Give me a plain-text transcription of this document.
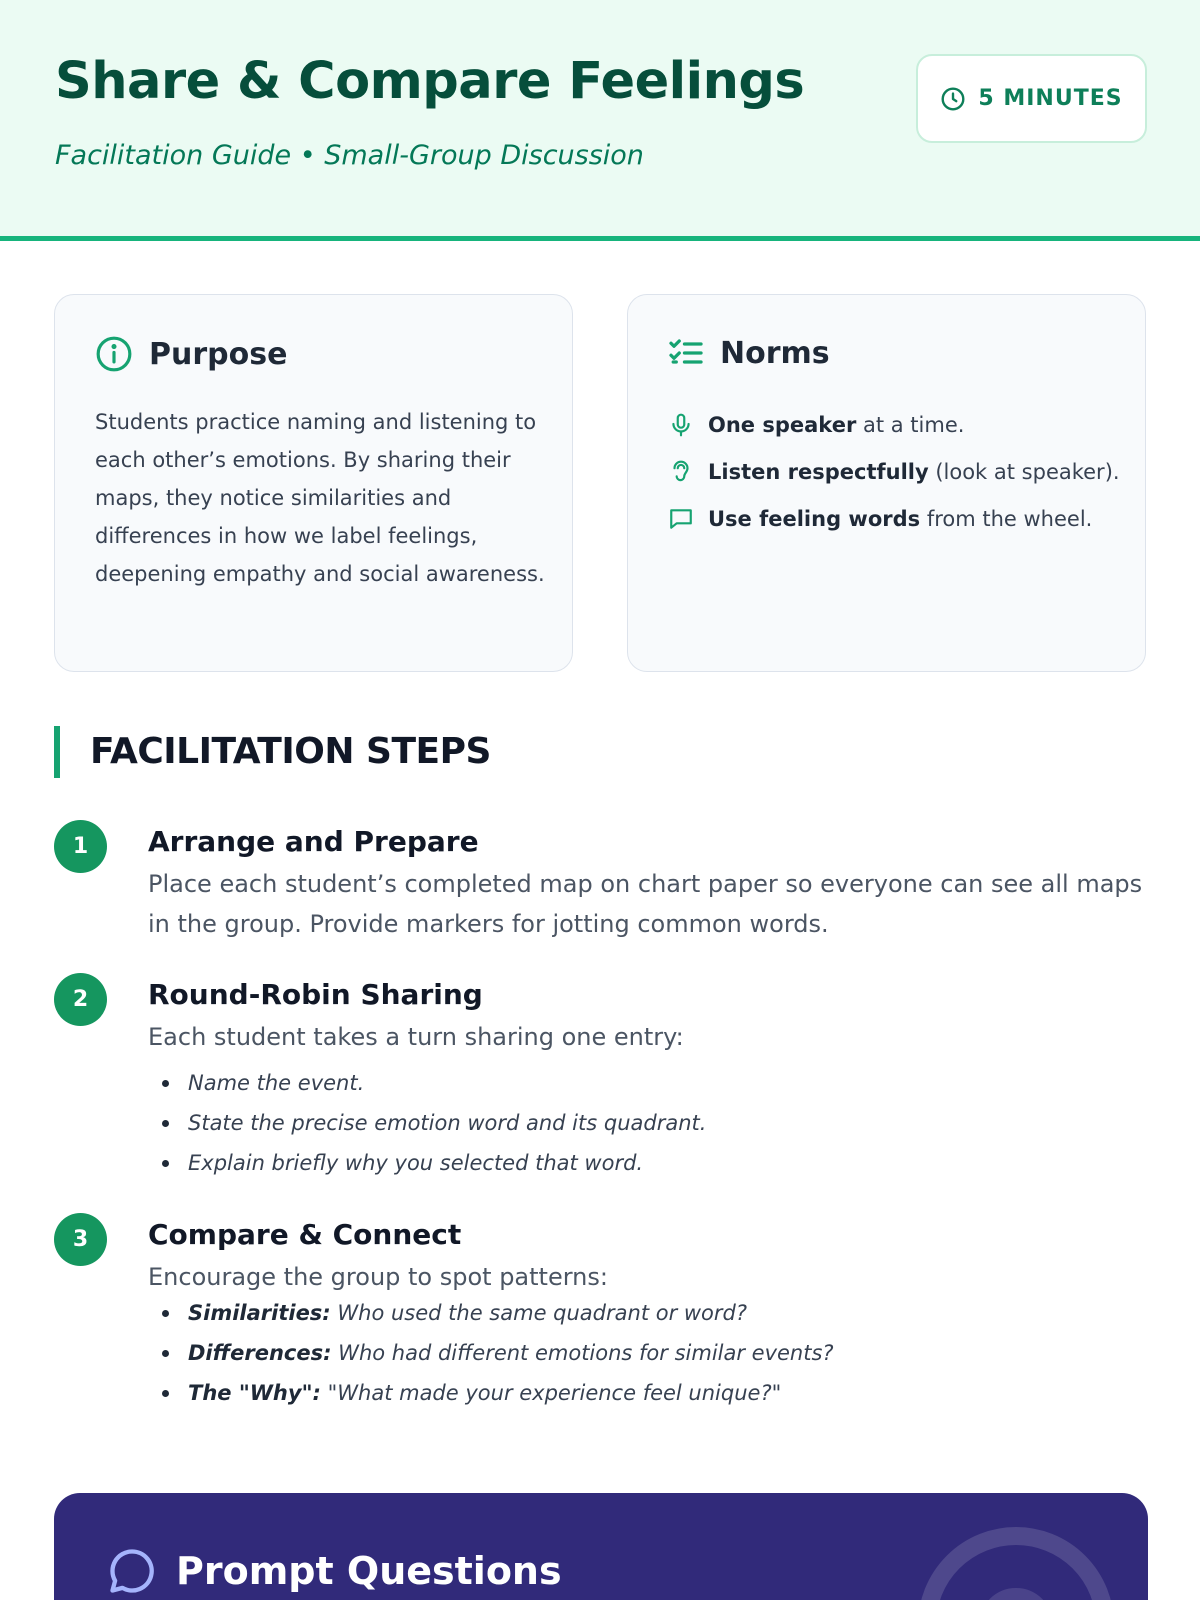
Share & Compare Feelings
Facilitation Guide • Small-Group Discussion
5 MINUTES
Purpose

Students practice naming and listening to each other’s emotions. By sharing their maps, they notice similarities and differences in how we label feelings, deepening empathy and social awareness.

Norms
One speaker at a time.
Listen respectfully (look at speaker).
Use feeling words from the wheel.
FACILITATION STEPS
1	Arrange and Prepare
Place each student’s completed map on chart paper so everyone can see all maps in the group. Provide markers for jotting common words.
2	Round-Robin Sharing
Each student takes a turn sharing one entry:
Name the event.
State the precise emotion word and its quadrant.
Explain briefly why you selected that word.
3	Compare & Connect
Encourage the group to spot patterns:
Similarities: Who used the same quadrant or word?
Differences: Who had different emotions for similar events?
The "Why": "What made your experience feel unique?"
Prompt Questions
